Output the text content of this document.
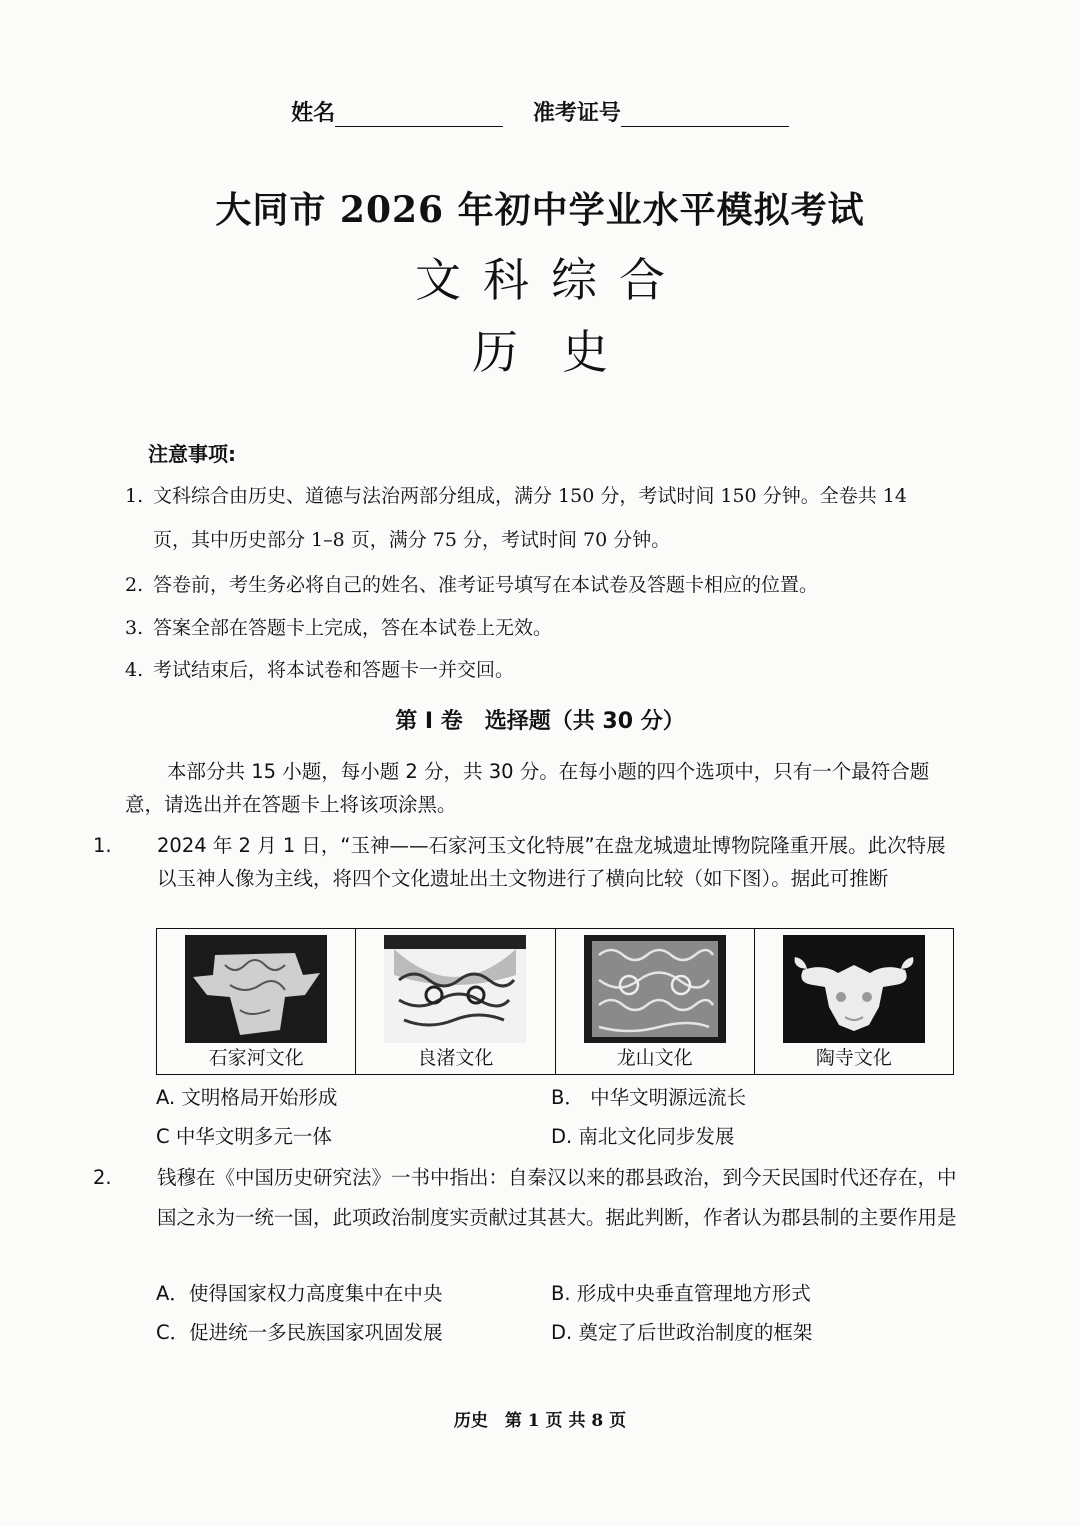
姓名	准考证号
大同市 2026 年初中学业水平模拟考试
文科综合
历史
注意事项:
1. 文科综合由历史、道德与法治两部分组成，满分 150 分，考试时间 150 分钟。全卷共 14
页，其中历史部分 1–8 页，满分 75 分，考试时间 70 分钟。
2. 答卷前，考生务必将自己的姓名、准考证号填写在本试卷及答题卡相应的位置。
3. 答案全部在答题卡上完成，答在本试卷上无效。
4. 考试结束后，将本试卷和答题卡一并交回。
第 I 卷　选择题（共 30 分）
本部分共 15 小题，每小题 2 分，共 30 分。在每小题的四个选项中，只有一个最符合题意，请选出并在答题卡上将该项涂黑。
1. 2024 年 2 月 1 日，“玉神——石家河玉文化特展”在盘龙城遗址博物院隆重开展。此次特展以玉神人像为主线，将四个文化遗址出土文物进行了横向比较（如下图）。据此可推断
石家河文化	良渚文化	龙山文化	陶寺文化
A. 文明格局开始形成	B． 中华文明源远流长
C 中华文明多元一体	D. 南北文化同步发展
2. 钱穆在《中国历史研究法》一书中指出：自秦汉以来的郡县政治，到今天民国时代还存在，中国之永为一统一国，此项政治制度实贡献过其甚大。据此判断，作者认为郡县制的主要作用是
A．使得国家权力高度集中在中央	B. 形成中央垂直管理地方形式
C．促进统一多民族国家巩固发展	D. 奠定了后世政治制度的框架
历史　第 1 页 共 8 页
